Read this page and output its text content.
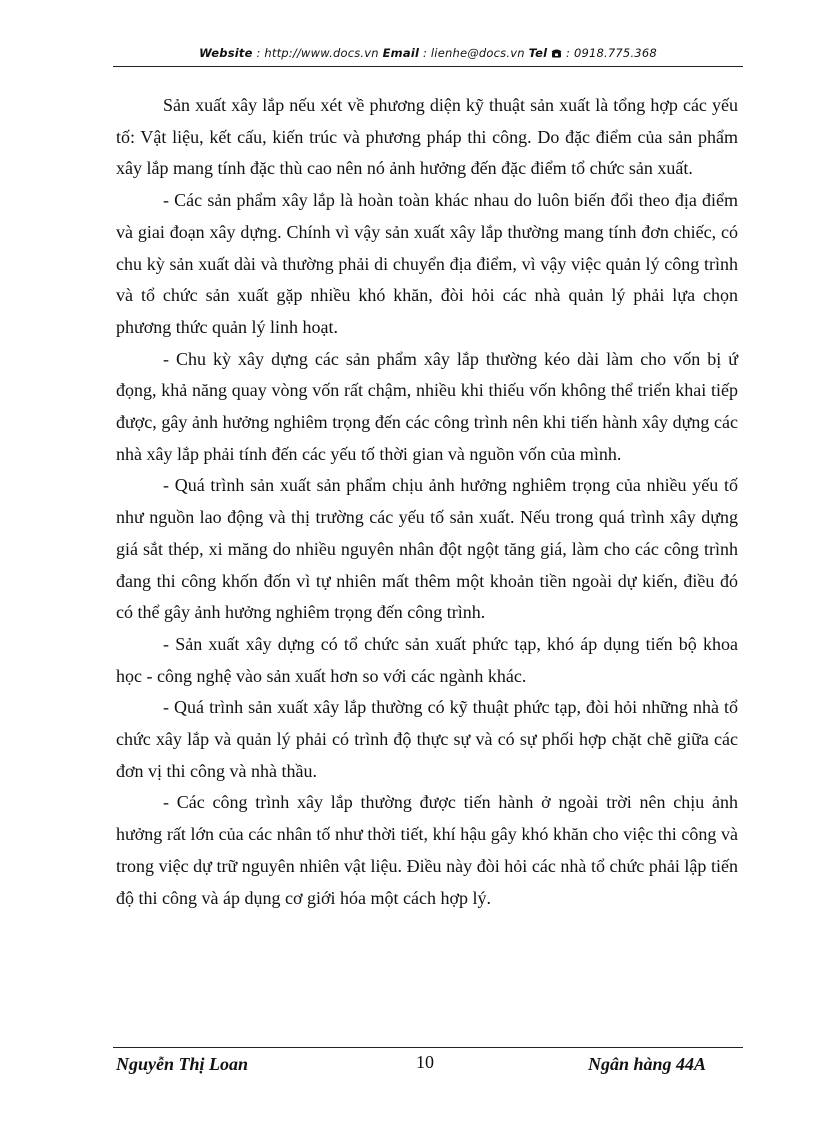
Website : http://www.docs.vn Email : lienhe@docs.vn Tel  : 0918.775.368

Sản xuất xây lắp nếu xét về phương diện kỹ thuật sản xuất là tổng hợp các yếu tố: Vật liệu, kết cấu, kiến trúc và phương pháp thi công. Do đặc điểm của sản phẩm xây lắp mang tính đặc thù cao nên nó ảnh hưởng đến đặc điểm tổ chức sản xuất.

- Các sản phẩm xây lắp là hoàn toàn khác nhau do luôn biến đổi theo địa điểm và giai đoạn xây dựng. Chính vì vậy sản xuất xây lắp thường mang tính đơn chiếc, có chu kỳ sản xuất dài và thường phải di chuyển địa điểm, vì vậy việc quản lý công trình và tổ chức sản xuất gặp nhiều khó khăn, đòi hỏi các nhà quản lý phải lựa chọn phương thức quản lý linh hoạt.

- Chu kỳ xây dựng các sản phẩm xây lắp thường kéo dài làm cho vốn bị ứ đọng, khả năng quay vòng vốn rất chậm, nhiều khi thiếu vốn không thể triển khai tiếp được, gây ảnh hưởng nghiêm trọng đến các công trình nên khi tiến hành xây dựng các nhà xây lắp phải tính đến các yếu tố thời gian và nguồn vốn của mình.

- Quá trình sản xuất sản phẩm chịu ảnh hưởng nghiêm trọng của nhiều yếu tố như nguồn lao động và thị trường các yếu tố sản xuất. Nếu trong quá trình xây dựng giá sắt thép, xi măng do nhiều nguyên nhân đột ngột tăng giá, làm cho các công trình đang thi công khốn đốn vì tự nhiên mất thêm một khoản tiền ngoài dự kiến, điều đó có thể gây ảnh hưởng nghiêm trọng đến công trình.

- Sản xuất xây dựng có tổ chức sản xuất phức tạp, khó áp dụng tiến bộ khoa học - công nghệ vào sản xuất hơn so với các ngành khác.

- Quá trình sản xuất xây lắp thường có kỹ thuật phức tạp, đòi hỏi những nhà tổ chức xây lắp và quản lý phải có trình độ thực sự và có sự phối hợp chặt chẽ giữa các đơn vị thi công và nhà thầu.

- Các công trình xây lắp thường được tiến hành ở ngoài trời nên chịu ảnh hưởng rất lớn của các nhân tố như thời tiết, khí hậu gây khó khăn cho việc thi công và trong việc dự trữ nguyên nhiên vật liệu. Điều này đòi hỏi các nhà tổ chức phải lập tiến độ thi công và áp dụng cơ giới hóa một cách hợp lý.

Nguyễn Thị Loan	10	Ngân hàng 44A
